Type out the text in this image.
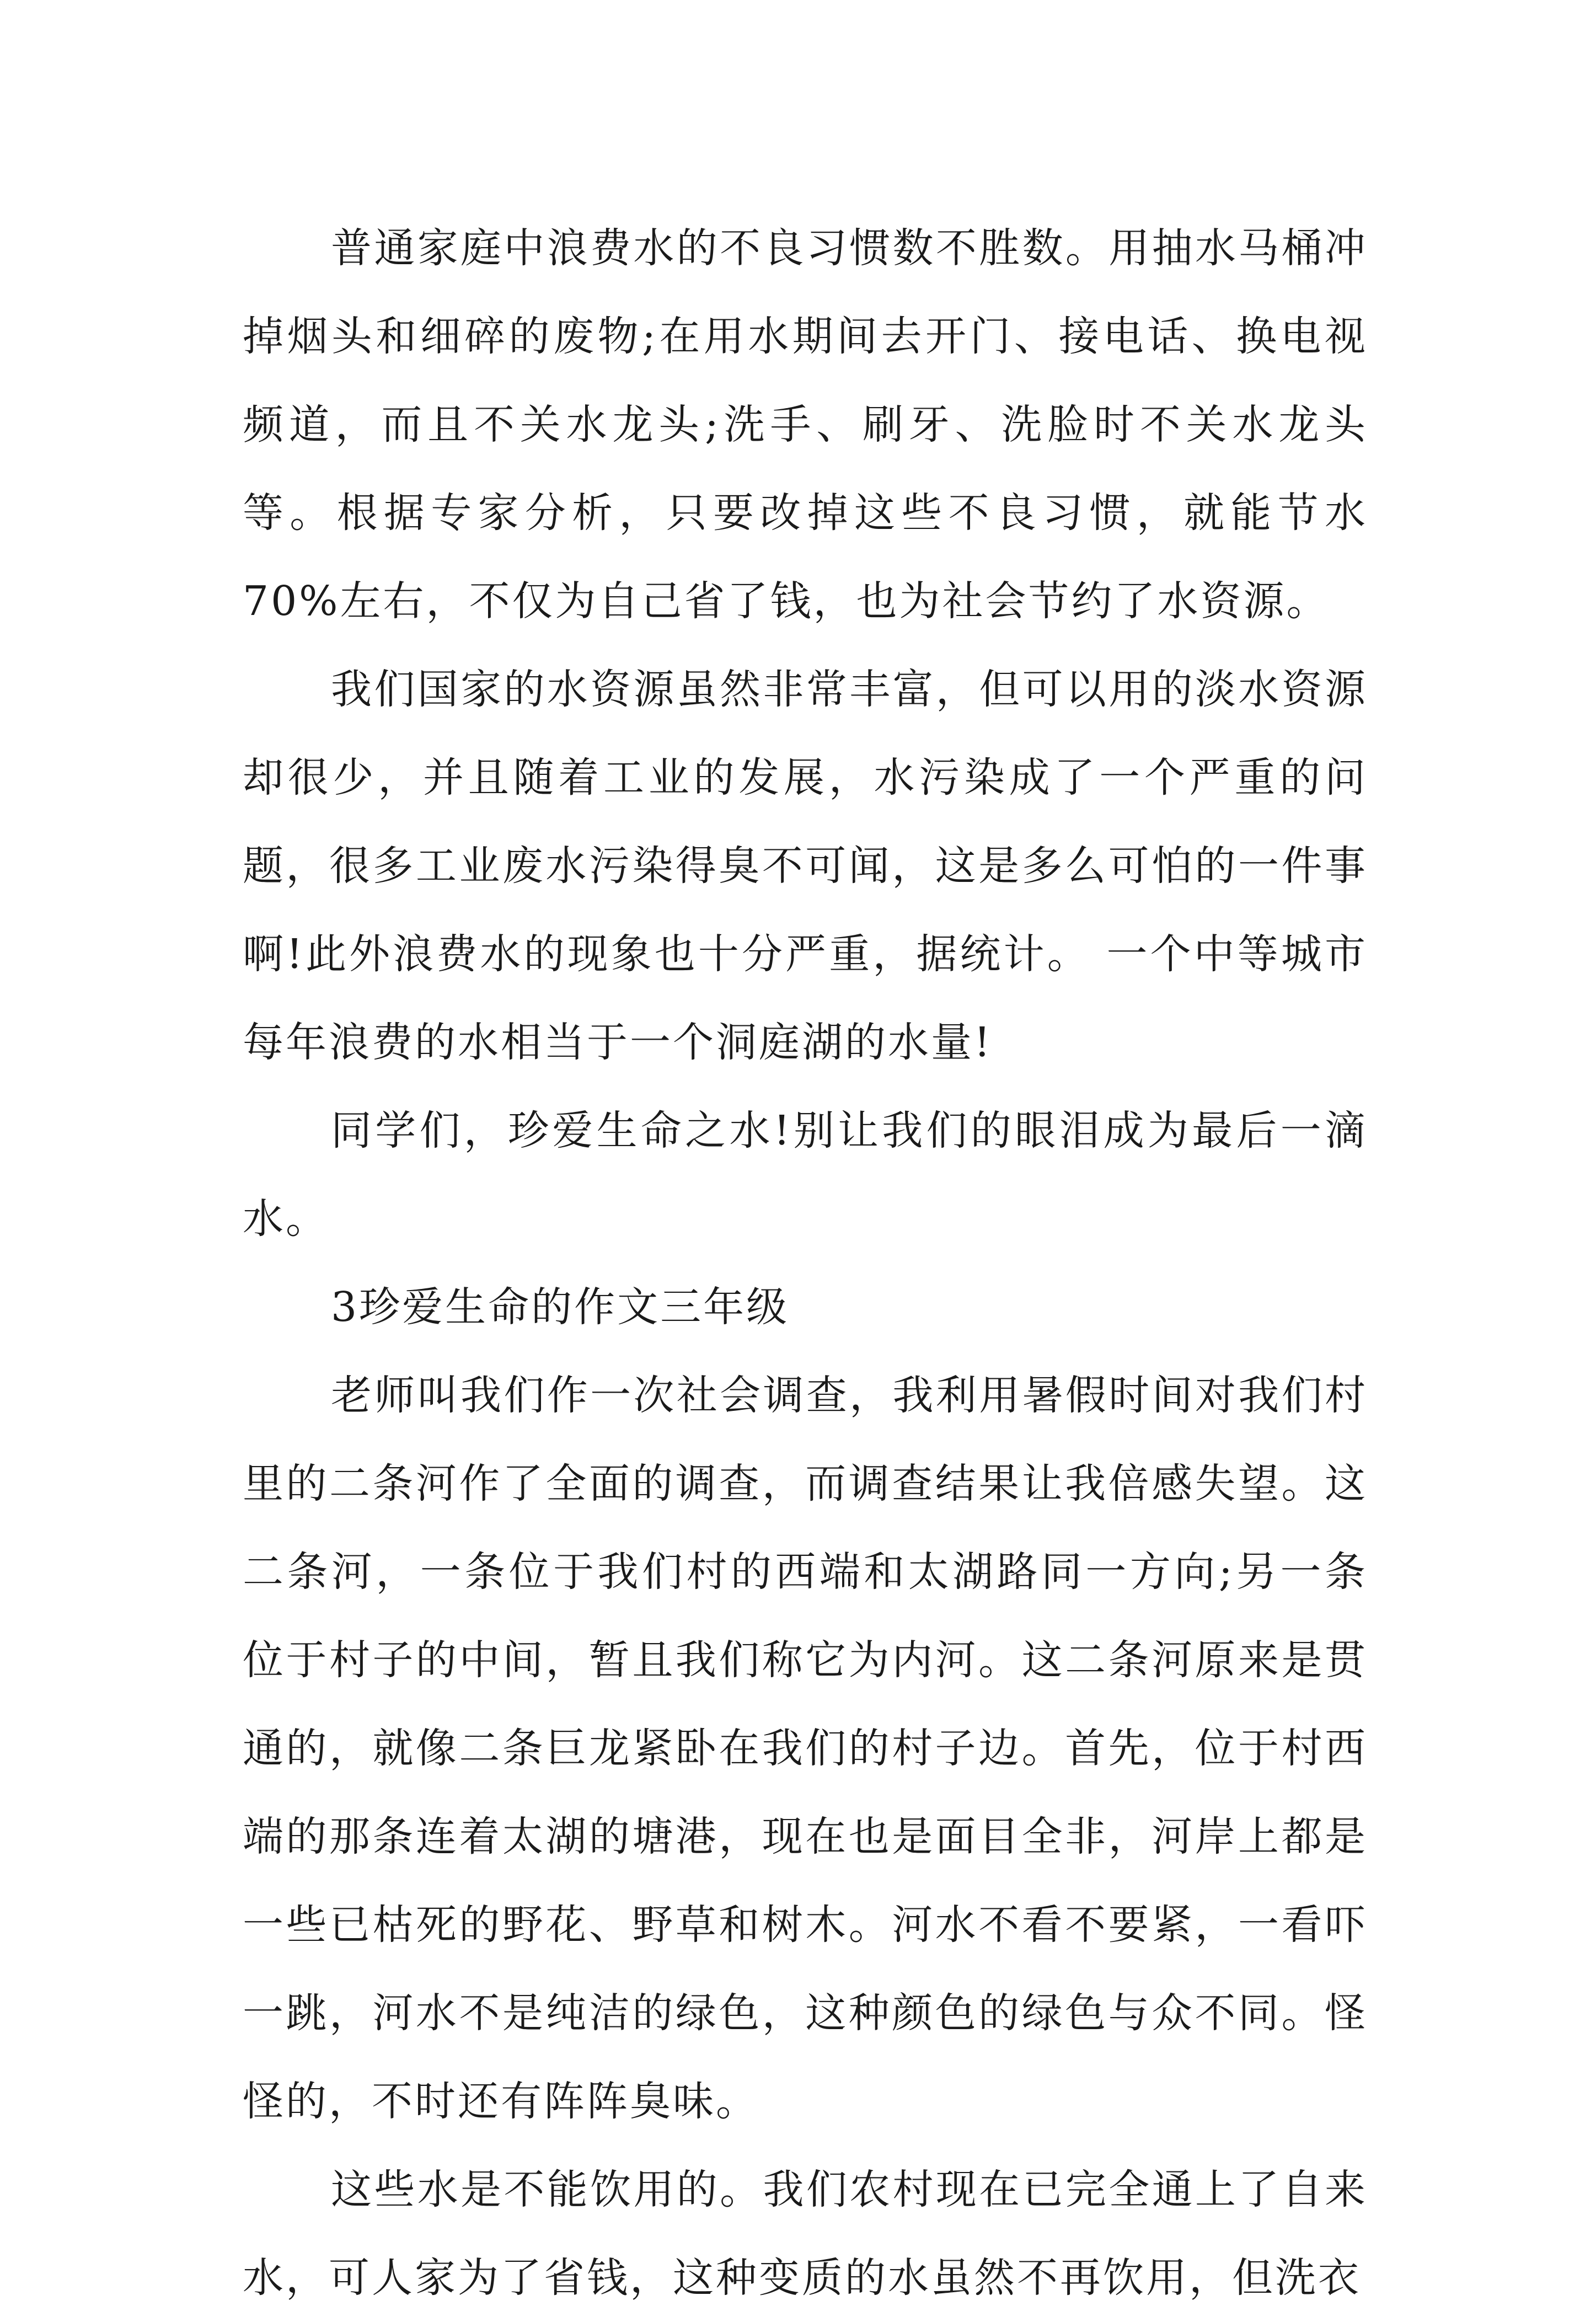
普通家庭中浪费水的不良习惯数不胜数。用抽水马桶冲掉烟头和细碎的废物;在用水期间去开门、接电话、换电视频道，而且不关水龙头;洗手、刷牙、洗脸时不关水龙头等。根据专家分析，只要改掉这些不良习惯，就能节水70%左右，不仅为自己省了钱，也为社会节约了水资源。

我们国家的水资源虽然非常丰富，但可以用的淡水资源却很少，并且随着工业的发展，水污染成了一个严重的问题，很多工业废水污染得臭不可闻，这是多么可怕的一件事啊!此外浪费水的现象也十分严重，据统计。 一个中等城市每年浪费的水相当于一个洞庭湖的水量!

同学们，珍爱生命之水!别让我们的眼泪成为最后一滴水。

3珍爱生命的作文三年级

老师叫我们作一次社会调查，我利用暑假时间对我们村里的二条河作了全面的调查，而调查结果让我倍感失望。这二条河，一条位于我们村的西端和太湖路同一方向;另一条位于村子的中间，暂且我们称它为内河。这二条河原来是贯通的，就像二条巨龙紧卧在我们的村子边。首先，位于村西端的那条连着太湖的塘港，现在也是面目全非，河岸上都是一些已枯死的野花、野草和树木。河水不看不要紧，一看吓一跳，河水不是纯洁的绿色，这种颜色的绿色与众不同。怪怪的，不时还有阵阵臭味。

这些水是不能饮用的。我们农村现在已完全通上了自来水，可人家为了省钱，这种变质的水虽然不再饮用，但洗衣
